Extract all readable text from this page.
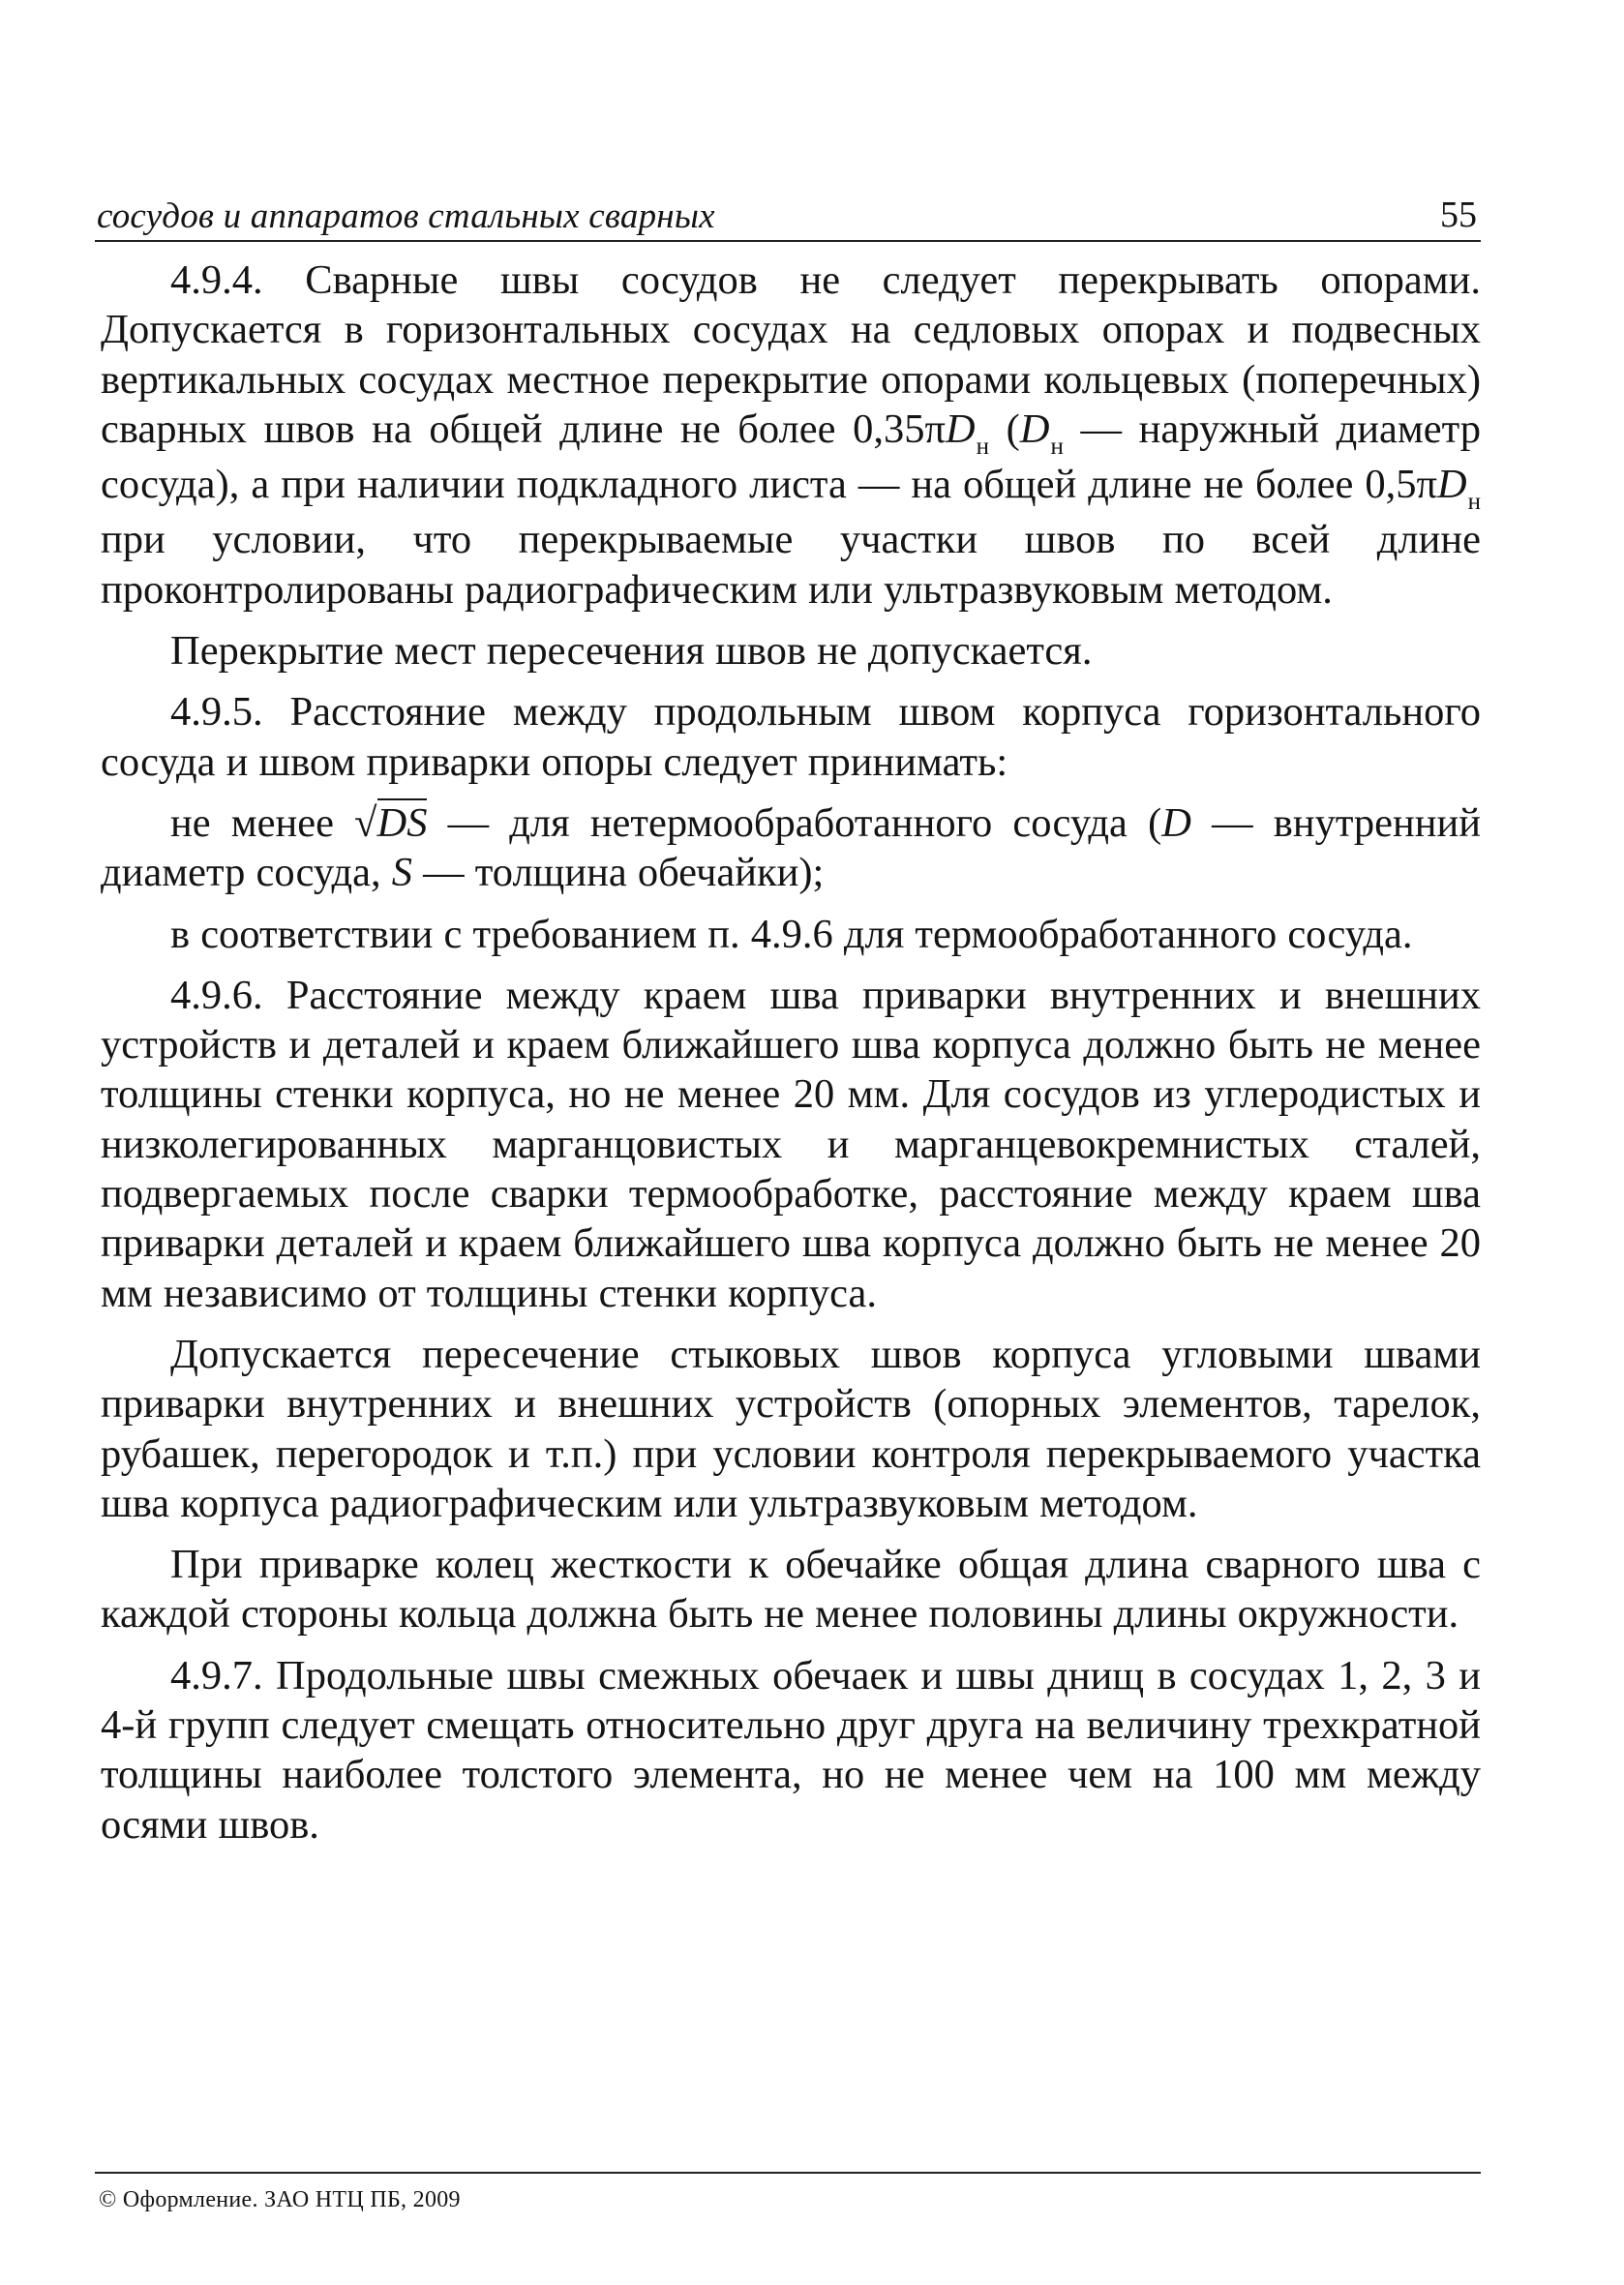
сосудов и аппаратов стальных сварных	55

4.9.4. Сварные швы сосудов не следует перекрывать опорами. Допускается в горизонтальных сосудах на седловых опорах и подвесных вертикальных сосудах местное перекрытие опорами кольцевых (поперечных) сварных швов на общей длине не более $0,35\pi D_н$ ($D_н$ — наружный диаметр сосуда), а при наличии подкладного листа — на общей длине не более $0,5\pi D_н$ при условии, что перекрываемые участки швов по всей длине проконтролированы радиографическим или ультразвуковым методом.

Перекрытие мест пересечения швов не допускается.

4.9.5. Расстояние между продольным швом корпуса горизонтального сосуда и швом приварки опоры следует принимать:

не менее √DS — для нетермообработанного сосуда (D — внутренний диаметр сосуда, S — толщина обечайки);

в соответствии с требованием п. 4.9.6 для термообработанного сосуда.

4.9.6. Расстояние между краем шва приварки внутренних и внешних устройств и деталей и краем ближайшего шва корпуса должно быть не менее толщины стенки корпуса, но не менее 20 мм. Для сосудов из углеродистых и низколегированных марганцовистых и марганцевокремнистых сталей, подвергаемых после сварки термообработке, расстояние между краем шва приварки деталей и краем ближайшего шва корпуса должно быть не менее 20 мм независимо от толщины стенки корпуса.

Допускается пересечение стыковых швов корпуса угловыми швами приварки внутренних и внешних устройств (опорных элементов, тарелок, рубашек, перегородок и т.п.) при условии контроля перекрываемого участка шва корпуса радиографическим или ультразвуковым методом.

При приварке колец жесткости к обечайке общая длина сварного шва с каждой стороны кольца должна быть не менее половины длины окружности.

4.9.7. Продольные швы смежных обечаек и швы днищ в сосудах 1, 2, 3 и 4-й групп следует смещать относительно друг друга на величину трехкратной толщины наиболее толстого элемента, но не менее чем на 100 мм между осями швов.

© Оформление. ЗАО НТЦ ПБ, 2009
